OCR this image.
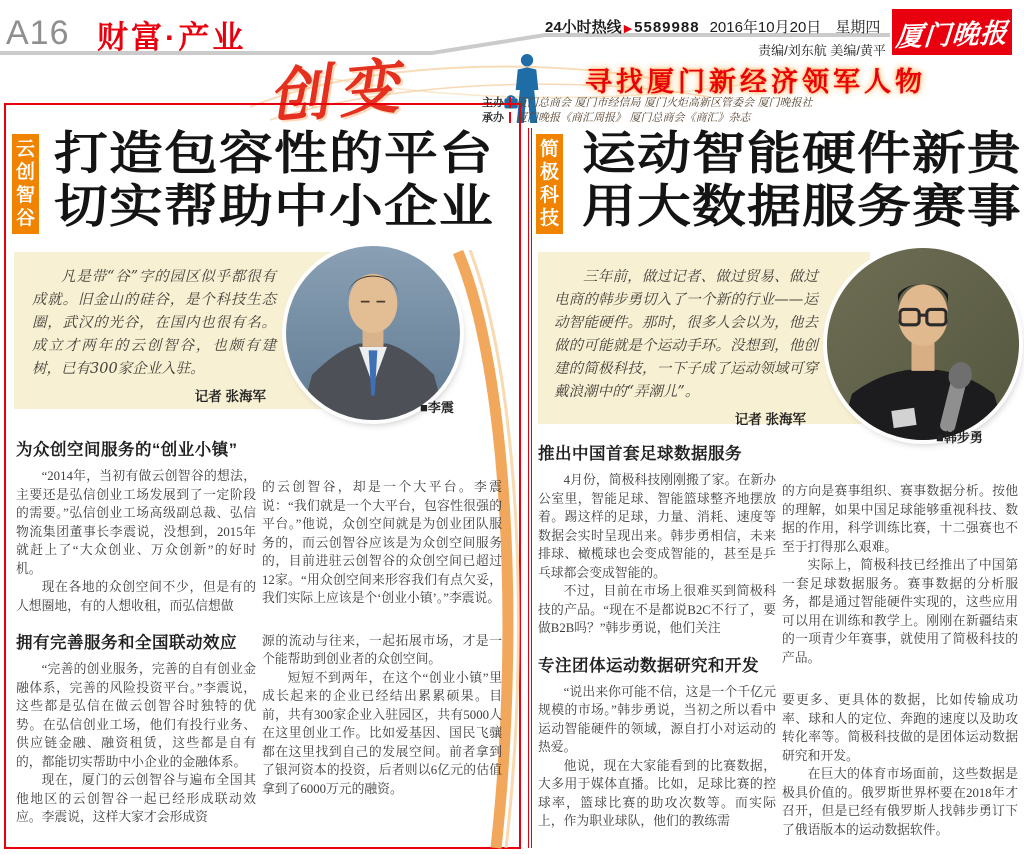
A16 财富·产业	24小时热线 ▶ 5589988 2016年10月20日 星期四
责编/刘东航 美编/黄平 厦门晚报
创变	寻找厦门新经济领军人物
主办 厦门总商会 厦门市经信局 厦门火炬高新区管委会 厦门晚报社
承办 厦门晚报《商汇周报》 厦门总商会《商汇》杂志
云
创
智
谷
打造包容性的平台
切实帮助中小企业
凡是带“谷”字的园区似乎都很有成就。旧金山的硅谷，是个科技生态圈，武汉的光谷，在国内也很有名。成立才两年的云创智谷，也颇有建树，已有300家企业入驻。
记者 张海军
■李震
为众创空间服务的“创业小镇”
“2014年，当初有做云创智谷的想法，主要还是弘信创业工场发展到了一定阶段的需要。”弘信创业工场高级副总裁、弘信物流集团董事长李震说，没想到，2015年就赶上了“大众创业、万众创新”的好时机。
现在各地的众创空间不少，但是有的人想圈地，有的人想收租，而弘信想做
拥有完善服务和全国联动效应
“完善的创业服务，完善的自有创业金融体系，完善的风险投资平台。”李震说，这些都是弘信在做云创智谷时独特的优势。在弘信创业工场，他们有投行业务、供应链金融、融资租赁，这些都是自有的，都能切实帮助中小企业的金融体系。
现在，厦门的云创智谷与遍布全国其他地区的云创智谷一起已经形成联动效应。李震说，这样大家才会形成资
的云创智谷，却是一个大平台。李震说：“我们就是一个大平台，包容性很强的平台。”他说，众创空间就是为创业团队服务的，而云创智谷应该是为众创空间服务的，目前进驻云创智谷的众创空间已超过12家。“用众创空间来形容我们有点欠妥，我们实际上应该是个‘创业小镇’。”李震说。
源的流动与往来，一起拓展市场，才是一个能帮助到创业者的众创空间。
短短不到两年，在这个“创业小镇”里成长起来的企业已经结出累累硕果。目前，共有300家企业入驻园区，共有5000人在这里创业工作。比如爱基因、国民飞骧都在这里找到自己的发展空间。前者拿到了银河资本的投资，后者则以6亿元的估值拿到了6000万元的融资。
简
极
科
技
运动智能硬件新贵
用大数据服务赛事
三年前，做过记者、做过贸易、做过电商的韩步勇切入了一个新的行业——运动智能硬件。那时，很多人会以为，他去做的可能就是个运动手环。没想到，他创建的简极科技，一下子成了运动领域可穿戴浪潮中的“弄潮儿”。
记者 张海军
■韩步勇
推出中国首套足球数据服务
4月份，简极科技刚刚搬了家。在新办公室里，智能足球、智能篮球整齐地摆放着。踢这样的足球，力量、消耗、速度等数据会实时呈现出来。韩步勇相信，未来排球、橄榄球也会变成智能的，甚至是乒乓球都会变成智能的。
不过，目前在市场上很难买到简极科技的产品。“现在不是都说B2C不行了，要做B2B吗？”韩步勇说，他们关注
专注团体运动数据研究和开发
“说出来你可能不信，这是一个千亿元规模的市场。”韩步勇说，当初之所以看中运动智能硬件的领域，源自打小对运动的热爱。
他说，现在大家能看到的比赛数据，大多用于媒体直播。比如，足球比赛的控球率，篮球比赛的助攻次数等。而实际上，作为职业球队，他们的教练需
的方向是赛事组织、赛事数据分析。按他的理解，如果中国足球能够重视科技、数据的作用，科学训练比赛，十二强赛也不至于打得那么艰难。
实际上，简极科技已经推出了中国第一套足球数据服务。赛事数据的分析服务，都是通过智能硬件实现的，这些应用可以用在训练和教学上。刚刚在新疆结束的一项青少年赛事，就使用了简极科技的产品。
要更多、更具体的数据，比如传输成功率、球和人的定位、奔跑的速度以及助攻转化率等。简极科技做的是团体运动数据研究和开发。
在巨大的体育市场面前，这些数据是极具价值的。俄罗斯世界杯要在2018年才召开，但是已经有俄罗斯人找韩步勇订下了俄语版本的运动数据软件。
